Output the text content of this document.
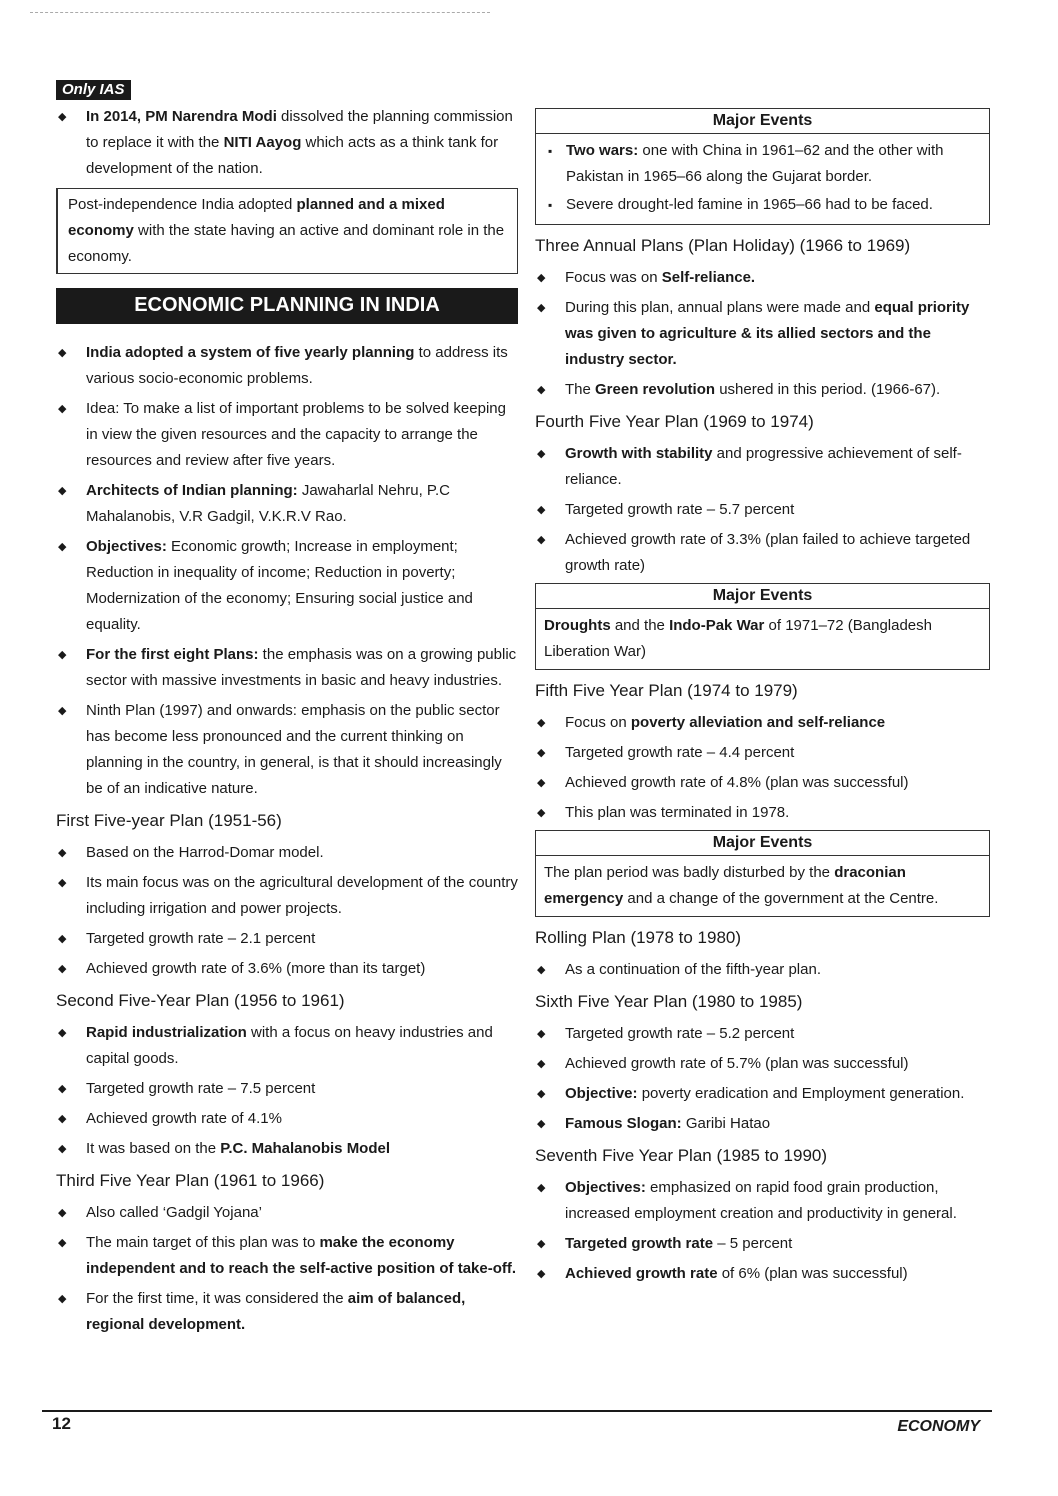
Only IAS
◆ In 2014, PM Narendra Modi dissolved the planning commission to replace it with the NITI Aayog which acts as a think tank for development of the nation.
Post-independence India adopted planned and a mixed economy with the state having an active and dominant role in the economy.
ECONOMIC PLANNING IN INDIA
◆ India adopted a system of five yearly planning to address its various socio-economic problems.
◆ Idea: To make a list of important problems to be solved keeping in view the given resources and the capacity to arrange the resources and review after five years.
◆ Architects of Indian planning: Jawaharlal Nehru, P.C Mahalanobis, V.R Gadgil, V.K.R.V Rao.
◆ Objectives: Economic growth; Increase in employment; Reduction in inequality of income; Reduction in poverty; Modernization of the economy; Ensuring social justice and equality.
◆ For the first eight Plans: the emphasis was on a growing public sector with massive investments in basic and heavy industries.
◆ Ninth Plan (1997) and onwards: emphasis on the public sector has become less pronounced and the current thinking on planning in the country, in general, is that it should increasingly be of an indicative nature.
First Five-year Plan (1951-56)
◆ Based on the Harrod-Domar model.
◆ Its main focus was on the agricultural development of the country including irrigation and power projects.
◆ Targeted growth rate – 2.1 percent
◆ Achieved growth rate of 3.6% (more than its target)
Second Five-Year Plan (1956 to 1961)
◆ Rapid industrialization with a focus on heavy industries and capital goods.
◆ Targeted growth rate – 7.5 percent
◆ Achieved growth rate of 4.1%
◆ It was based on the P.C. Mahalanobis Model
Third Five Year Plan (1961 to 1966)
◆ Also called ‘Gadgil Yojana’
◆ The main target of this plan was to make the economy independent and to reach the self-active position of take-off.
◆ For the first time, it was considered the aim of balanced, regional development.
Major Events
▪ Two wars: one with China in 1961–62 and the other with Pakistan in 1965–66 along the Gujarat border.
▪ Severe drought-led famine in 1965–66 had to be faced.
Three Annual Plans (Plan Holiday) (1966 to 1969)
◆ Focus was on Self-reliance.
◆ During this plan, annual plans were made and equal priority was given to agriculture & its allied sectors and the industry sector.
◆ The Green revolution ushered in this period. (1966-67).
Fourth Five Year Plan (1969 to 1974)
◆ Growth with stability and progressive achievement of self-reliance.
◆ Targeted growth rate – 5.7 percent
◆ Achieved growth rate of 3.3% (plan failed to achieve targeted growth rate)
Major Events
Droughts and the Indo-Pak War of 1971–72 (Bangladesh Liberation War)
Fifth Five Year Plan (1974 to 1979)
◆ Focus on poverty alleviation and self-reliance
◆ Targeted growth rate – 4.4 percent
◆ Achieved growth rate of 4.8% (plan was successful)
◆ This plan was terminated in 1978.
Major Events
The plan period was badly disturbed by the draconian emergency and a change of the government at the Centre.
Rolling Plan (1978 to 1980)
◆ As a continuation of the fifth-year plan.
Sixth Five Year Plan (1980 to 1985)
◆ Targeted growth rate – 5.2 percent
◆ Achieved growth rate of 5.7% (plan was successful)
◆ Objective: poverty eradication and Employment generation.
◆ Famous Slogan: Garibi Hatao
Seventh Five Year Plan (1985 to 1990)
◆ Objectives: emphasized on rapid food grain production, increased employment creation and productivity in general.
◆ Targeted growth rate – 5 percent
◆ Achieved growth rate of 6% (plan was successful)
12	ECONOMY
